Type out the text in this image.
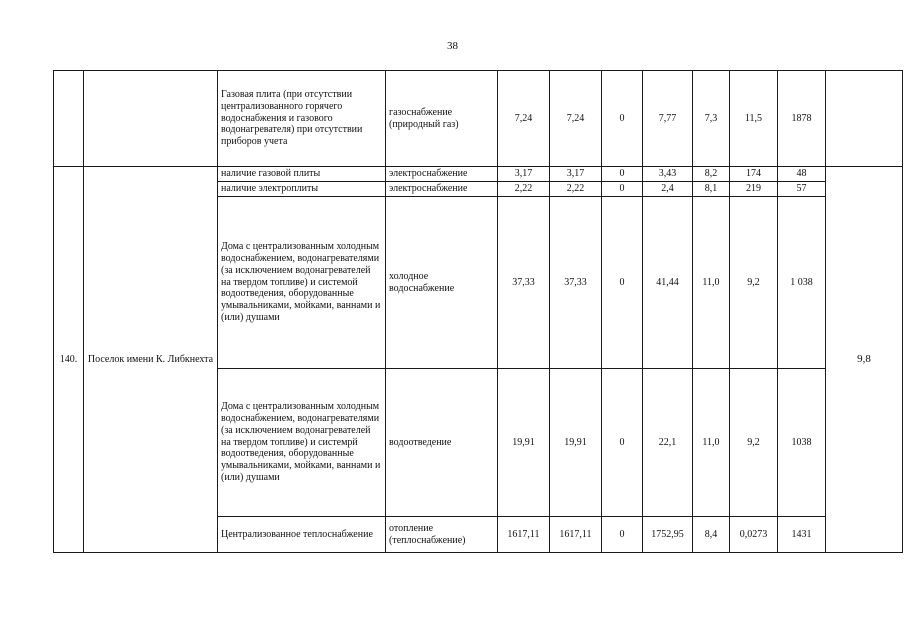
38
		Газовая плита (при отсутствии централизованного горячего водоснабжения и газового водонагревателя) при отсутствии приборов учета	газоснабжение (природный газ)	7,24	7,24	0	7,77	7,3	11,5	1878	
140.	Поселок имени К. Либкнехта	наличие газовой плиты	электроснабжение	3,17	3,17	0	3,43	8,2	174	48	9,8
		наличие электроплиты	электроснабжение	2,22	2,22	0	2,4	8,1	219	57	
		Дома с централизованным холодным водоснабжением, водонагревателями (за исключением водонагревателей на твердом топливе) и системой водоотведения, оборудованные умывальниками, мойками, ваннами и (или) душами	холодное водоснабжение	37,33	37,33	0	41,44	11,0	9,2	1 038	
		Дома с централизованным холодным водоснабжением, водонагревателями (за исключением водонагревателей на твердом топливе) и системрй водоотведения, оборудованные умывальниками, мойками, ваннами и (или) душами	водоотведение	19,91	19,91	0	22,1	11,0	9,2	1038	
		Централизованное теплоснабжение	отопление (теплоснабжение)	1617,11	1617,11	0	1752,95	8,4	0,0273	1431	
